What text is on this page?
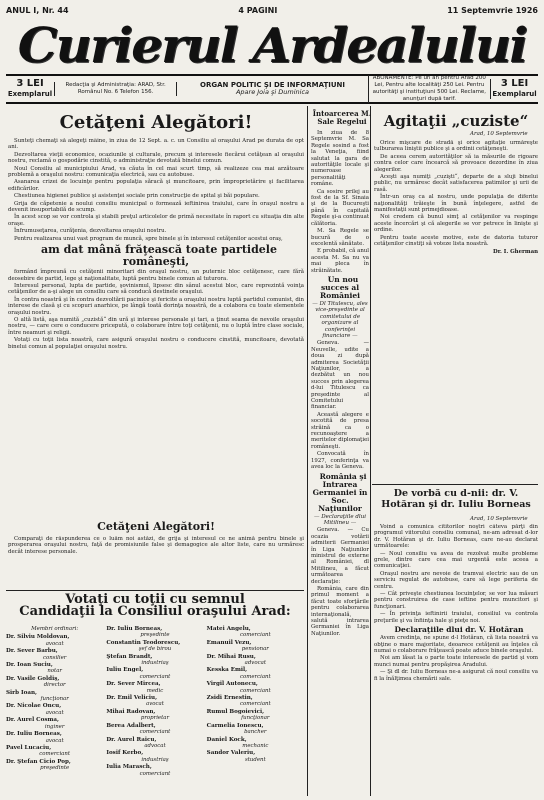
ANUL I, Nr. 44	4 PAGINI	11 Septemvrie 1926
Curierul Ardealului
3 LEI
Exemplarul
Redacţia şi Administraţia: ARAD, Str. Românul No. 6 Telefon 156.
ORGAN POLITIC ŞI DE INFORMAŢIUNI
Apare Joia şi Duminica
ABONAMENTE: Pe un an pentru Arad 200 Lei, Pentru alte localităţi 250 Lei. Pentru autorităţi şi instituţiuni 500 Lei. Reclame, anunţuri după tarif.
3 LEI
Exemplarul
Cetăţeni Alegători!

Sunteţi chemaţi să alegeţi mâine, în ziua de 12 Sept. a. c. un Consiliu al oraşului Arad pe durata de opt ani.

Dezvoltarea vieţii economice, ocaziunile şi culturale, precum şi interesele fiecărui cetăţean al oraşului nostru, reclamă o gospodărie cinstită, o administraţie devotată binelui comun.

Noul Consiliu al municipiului Arad, va căuta în cel mai scurt timp, să realizeze cea mai arzătoare problemă a oraşului nostru: comunicaţia electrică, sau cu autobuse.

Asanarea crizei de locuinţe pentru populaţia săracă şi muncitoare, prin împroprietărire şi facilitarea edificărilor.

Chestiunea higienei publice şi asistenţei sociale prin construcţie de spital şi băi populare.

Grija de căpetenie a noului consiliu municipal o formează ieftinirea traiului, care în oraşul nostru a devenit insuportabilă de scump.

În acest scop se vor controla şi stabili preţul articolelor de primă necesitate în raport cu situaţia din alte oraşe.

Înfrumuseţarea, curăţenia, dezvoltarea oraşului nostru.

Pentru realizarea unui vast program de muncă, spre binele şi în interesul cetăţenilor acestui oraş,

am dat mână frăţească toate partidele româneşti,

formând împreună cu cetăţenii minoritari din oraşul nostru, un puternic bloc cetăţenesc, care fără deosebire de partid, lege şi naţionalitate, luptă pentru binele comun al tuturora.

Interesul personal, lupta de partide, şovinismul, lipsesc din sânul acestui bloc, care reprezintă voinţa cetăţenilor de a-şi alege un consiliu care să conducă destinele oraşului.

În contra noastră şi în contra dezvoltării pacinice şi fericite a oraşului nostru luptă partidul comunist, din interese de clasă şi cu scopuri anarhice, pe lângă toată dorinţa noastră, de a colabora cu toate elementele oraşului nostru.

O altă listă, aşa numită „cuzistă“ din ură şi interese personale şi tari, a ţinut seama de nevoile oraşului nostru, — care cere o conducere pricepută, o colaborare între toţi cetăţenii, nu o luptă între clase sociale, între neamuri şi religii.

Votaţi cu toţii lista noastră, care asigură oraşului nostru o conducere cinstită, muncitoare, devotată binelui comun al populaţiei oraşului nostru.

Cetăţeni Alegători!

Comparaţi de răspunderea ce o luăm noi astăzi, de grija şi interesul ce ne animă pentru binele şi prosperarea oraşului nostru, faţă de promisiunile false şi demagogice ale altor liste, care nu urmăresc decât interese personale.

Votaţi cu toţii cu semnul
Candidaţii la Consiliul oraşului Arad:
Membri ordinari:
Dr. Silviu Moldovan,
avocat
Dr. Sever Barbu,
consilier
Dr. Ioan Suciu,
notar
Dr. Vasile Goldiş,
director
Sirb Ioan,
funcţionar
Dr. Nicolae Oncu,
avocat
Dr. Aurel Cosma,
inginer
Dr. Iuliu Borneas,
avocat
Pavel Lucaciu,
comerciant
Dr. Ştefan Cicio Pop,
preşedinte
Dr. Iuliu Borneas,
preşedinte
Constantin Teodorescu,
şef de birou
Ştefan Brandt,
industriaş
Iuliu Engel,
comerciant
Dr. Sever Mircea,
medic
Dr. Emil Veliciu,
avocat
Mihai Radovan,
proprietar
Berea Adalbert,
comerciant
Dr. Aurel Raicu,
advocat
Iosif Kerbo,
industriaş
Iulia Marasch,
comerciant
Matei Angelu,
comerciant
Emanuil Vezu,
pensionar
Dr. Mihai Rusu,
advocat
Kesska Emil,
comerciant
Virgil Autonecu,
comerciant
Zsidi Ernestin,
comerciant
Rumul Bogoievici,
funcţionar
Carmelia Ionescu,
bancher
Daniel Kock,
mechanic
Sandor Valeriu,
student
Întoarcerea M. Sale Regelui

În ziua de 8 Septemvrie M. Sa Regele sosind a fost la Veneţia, fiind salutat la gara de autorităţile locale şi numeroase personalităţi române.

Ca sosire prilej au fost de la Sf. Sinaia şi de la Bucureşti până în capitală Regele şi-a continuat călătoria.

M. Sa Regele se bucură de o excelentă sănătate.

E probabil, că anul acesta M. Sa nu va mai pleca în străinătate.

Un nou succes al României

— Dl Titulescu, ales vice-preşedinte al comitetului de organizare al conferinţei financiare —

Geneva. — Neuvelle, udite a doua zi după admiterea Societăţii Naţiunilor, a dezbătut un nou succes prin alegerea d-lui Titulescu ca preşedinte al Comitetului financiar.

Această alegere e socotită de presa străină ca o recunoaştere a meritelor diplomaţiei româneşti.

Convocată în 1927, conferinţa va avea loc la Geneva.

România şi Intrarea Germaniei în Soc. Naţiunilor

— Declaraţiile dlui Mitilineu —

Geneva. — Cu ocazia votării admiterii Germaniei în Liga Naţiunilor ministrul de externe al României, dl Mitilineu, a făcut următoarea declaraţie:

România, care din primul moment a făcut toate sforţările pentru colaborarea internaţională, salută intrarea Germaniei în Liga Naţiunilor.

Agitaţii „cuziste“
Arad, 10 Septemvrie

Orice mişcare de stradă şi orice agitaţie urmăreşte tulburarea liniştii publice şi a ordinii cetăţeneşti.

De aceea cerem autorităţilor să ia măsurile de rigoare contra celor care încearcă să provoace dezordine în ziua alegerilor.

Aceşti aşa numiţi „cuzişti“, departe de a sluji binelui public, nu urmăresc decât satisfacerea patimilor şi urii de rasă.

Într-un oraş ca al nostru, unde populaţia de diferite naţionalităţi trăieşte în bună înţelegere, astfel de manifestaţii sunt primejdioase.

Noi credem că bunul simţ al cetăţenilor va respinge aceste încercări şi că alegerile se vor petrece în linişte şi ordine.

Pentru toate aceste motive, este de datoria tuturor cetăţenilor cinstiţi să voteze lista noastră.

Dr. I. Gherman

De vorbă cu d-nii: dr. V. Hotăran şi dr. Iuliu Borneas
Arad, 10 Septemvrie

Voind a comunica cititorilor noştri câteva părţi din programul viitorului consiliu comunal, ne-am adresat d-lor dr. V. Hotăran şi dr. Iuliu Borneas, care ne-au declarat următoarele:

— Noul consiliu va avea de rezolvat multe probleme grele, dintre care cea mai urgentă este aceea a comunicaţiei.

Oraşul nostru are nevoie de tramvai electric sau de un serviciu regulat de autobuse, care să lege periferia de centru.

— Cât priveşte chestiunea locuinţelor, se vor lua măsuri pentru construirea de case ieftine pentru muncitori şi funcţionari.

— În privinţa ieftinirii traiului, consiliul va controla preţurile şi va înfiinţa hale şi pieţe noi.

Declaraţiile dlui dr. V. Hotăran

Avem credinţa, ne spune d-l Hotăran, că lista noastră va obţine o mare majoritate, deoarece cetăţenii au înţeles că numai o colaborare frăţească poate aduce binele oraşului.

Noi am lăsat la o parte toate interesele de partid şi vom munci numai pentru propăşirea Aradului.

— Şi dl dr. Iuliu Borneas ne-a asigurat că noul consiliu va fi la înălţimea chemării sale.
